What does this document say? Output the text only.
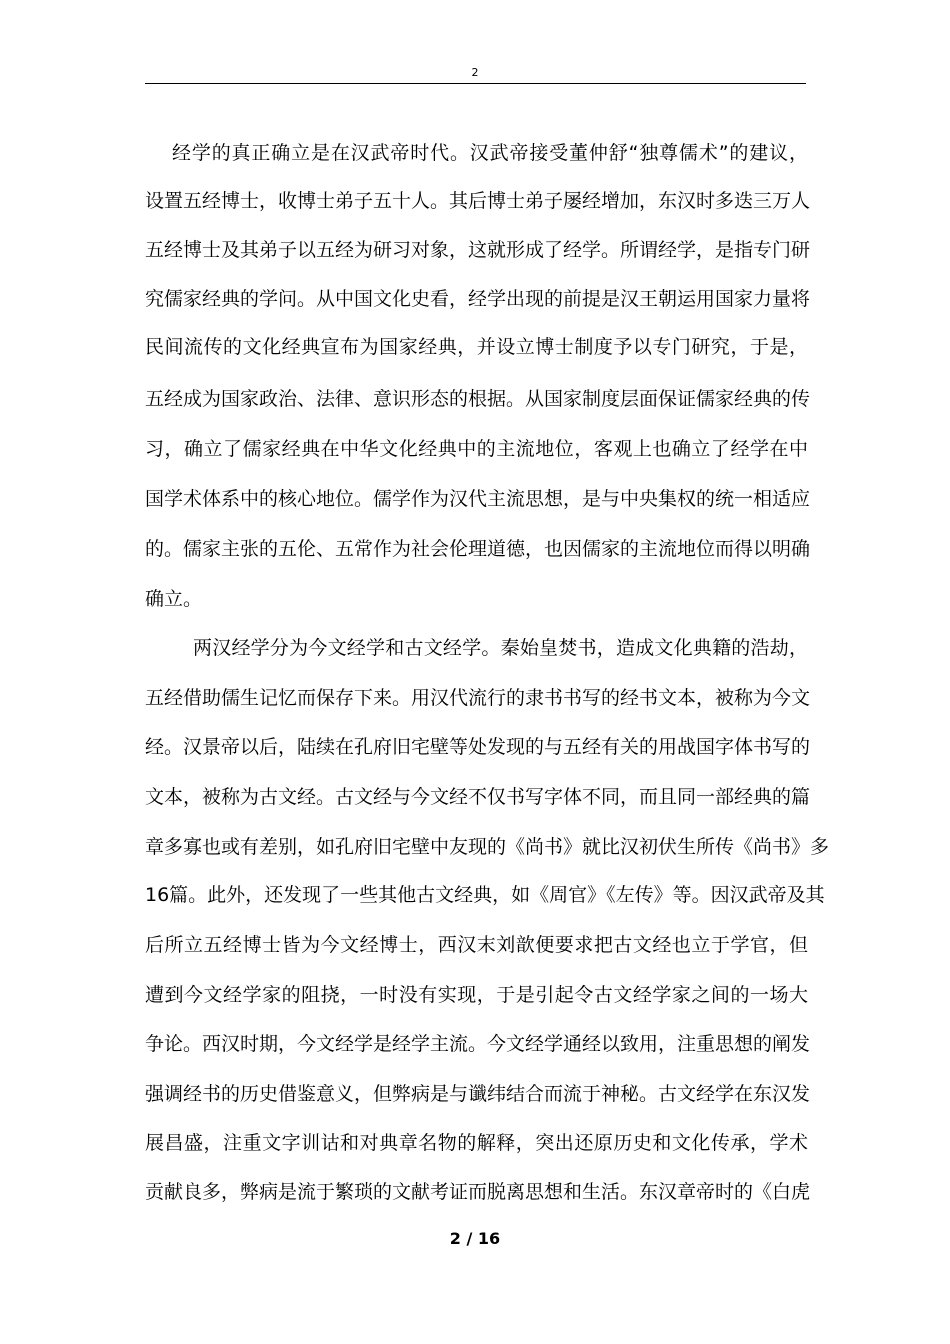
2
经学的真正确立是在汉武帝时代。汉武帝接受董仲舒“独尊儒术”的建议，
设置五经博士，收博士弟子五十人。其后博士弟子屡经增加，东汉时多迭三万人
五经博士及其弟子以五经为研习对象，这就形成了经学。所谓经学，是指专门研
究儒家经典的学问。从中国文化史看，经学出现的前提是汉王朝运用国家力量将
民间流传的文化经典宣布为国家经典，并设立博士制度予以专门研究，于是，
五经成为国家政治、法律、意识形态的根据。从国家制度层面保证儒家经典的传
习，确立了儒家经典在中华文化经典中的主流地位，客观上也确立了经学在中
国学术体系中的核心地位。儒学作为汉代主流思想，是与中央集权的统一相适应
的。儒家主张的五伦、五常作为社会伦理道德，也因儒家的主流地位而得以明确
确立。
两汉经学分为今文经学和古文经学。秦始皇焚书，造成文化典籍的浩劫，
五经借助儒生记忆而保存下来。用汉代流行的隶书书写的经书文本，被称为今文
经。汉景帝以后，陆续在孔府旧宅壁等处发现的与五经有关的用战国字体书写的
文本，被称为古文经。古文经与今文经不仅书写字体不同，而且同一部经典的篇
章多寡也或有差别，如孔府旧宅壁中友现的《尚书》就比汉初伏生所传《尚书》多
16篇。此外，还发现了一些其他古文经典，如《周官》《左传》等。因汉武帝及其
后所立五经博士皆为今文经博士，西汉末刘歆便要求把古文经也立于学官，但
遭到今文经学家的阻挠，一时没有实现，于是引起令古文经学家之间的一场大
争论。西汉时期，今文经学是经学主流。今文经学通经以致用，注重思想的阐发
强调经书的历史借鉴意义，但弊病是与谶纬结合而流于神秘。古文经学在东汉发
展昌盛，注重文字训诂和对典章名物的解释，突出还原历史和文化传承，学术
贡献良多，弊病是流于繁琐的文献考证而脱离思想和生活。东汉章帝时的《白虎
2 / 16
